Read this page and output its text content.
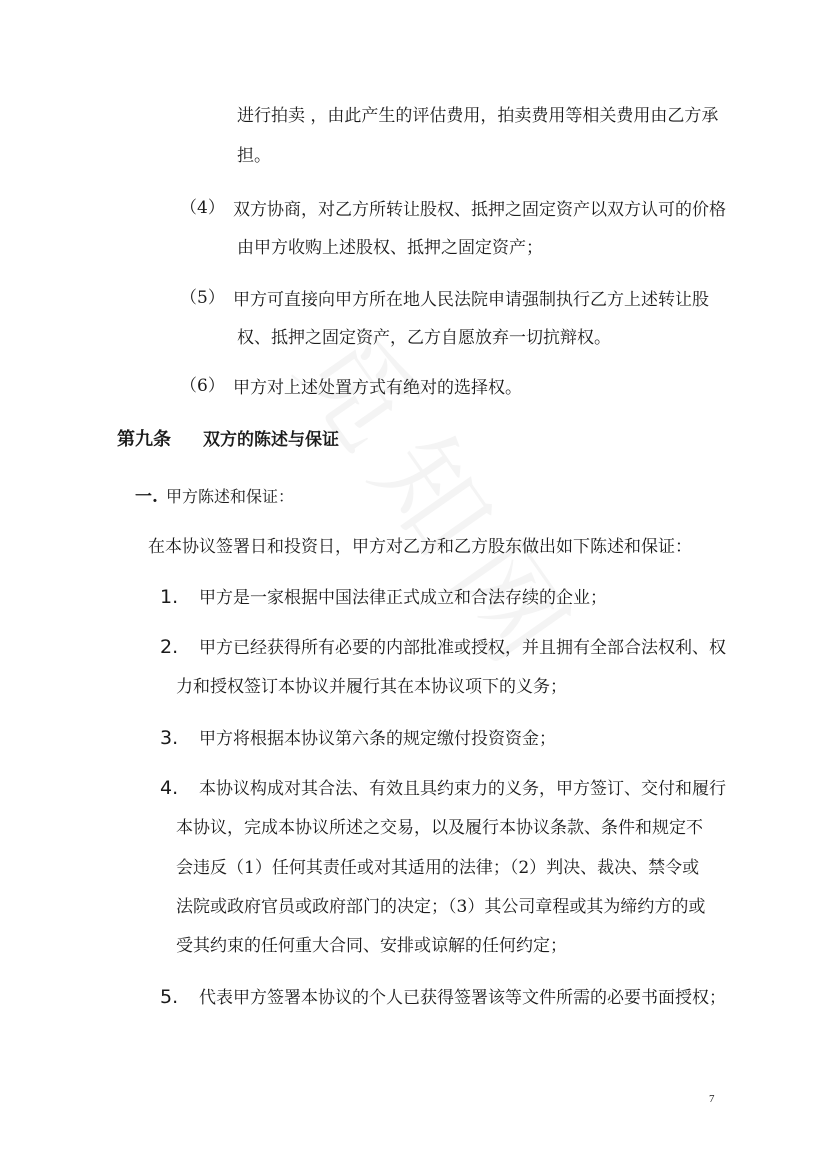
进行拍卖 ，由此产生的评估费用，拍卖费用等相关费用由乙方承
担。
（4） 双方协商，对乙方所转让股权、抵押之固定资产以双方认可的价格
由甲方收购上述股权、抵押之固定资产；
（5） 甲方可直接向甲方所在地人民法院申请强制执行乙方上述转让股
权、抵押之固定资产，乙方自愿放弃一切抗辩权。
（6） 甲方对上述处置方式有绝对的选择权。
第九条 双方的陈述与保证
一. 甲方陈述和保证：
在本协议签署日和投资日，甲方对乙方和乙方股东做出如下陈述和保证：
1. 甲方是一家根据中国法律正式成立和合法存续的企业；
2. 甲方已经获得所有必要的内部批准或授权，并且拥有全部合法权利、权
力和授权签订本协议并履行其在本协议项下的义务；
3. 甲方将根据本协议第六条的规定缴付投资资金；
4. 本协议构成对其合法、有效且具约束力的义务，甲方签订、交付和履行
本协议，完成本协议所述之交易，以及履行本协议条款、条件和规定不
会违反（1）任何其责任或对其适用的法律；（2）判决、裁决、禁令或
法院或政府官员或政府部门的决定；（3）其公司章程或其为缔约方的或
受其约束的任何重大合同、安排或谅解的任何约定；
5. 代表甲方签署本协议的个人已获得签署该等文件所需的必要书面授权；
7
